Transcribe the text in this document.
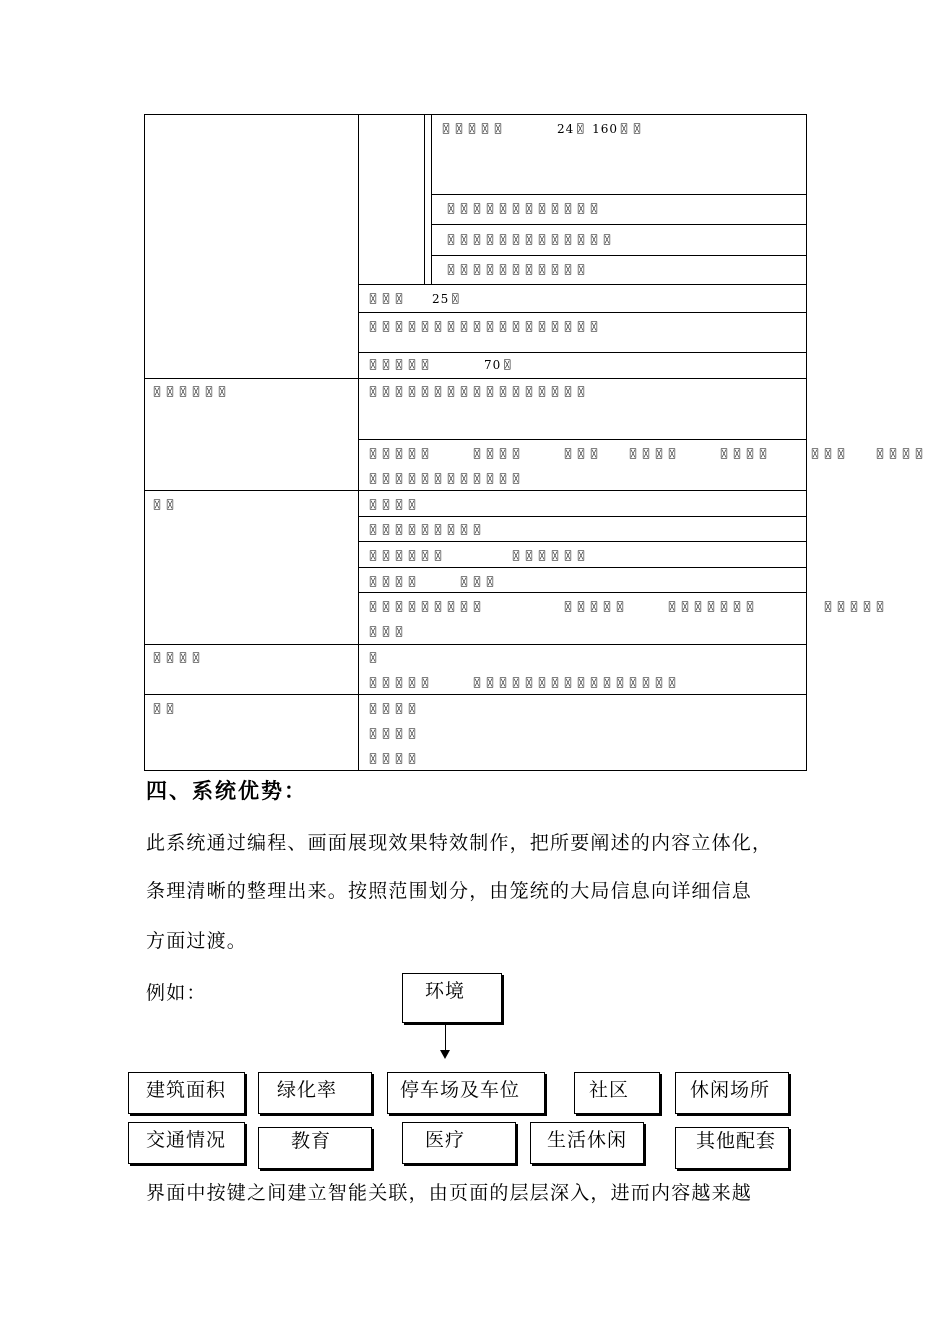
〿〿〿〿〿　　　　24〿 160〿〿
〿〿〿〿〿〿〿〿〿〿〿〿
〿〿〿〿〿〿〿〿〿〿〿〿〿
〿〿〿〿〿〿〿〿〿〿〿
〿〿〿　　25〿
〿〿〿〿〿〿〿〿〿〿〿〿〿〿〿〿〿〿
〿〿〿〿〿　　　　70〿
〿〿〿〿〿〿	〿〿〿〿〿〿〿〿〿〿〿〿〿〿〿〿〿
〿〿〿〿〿　　　〿〿〿〿　　　〿〿〿　　〿〿〿〿　　　〿〿〿〿　　　〿〿〿　　〿〿〿〿
〿〿〿〿〿〿〿〿〿〿〿〿
〿〿	〿〿〿〿
〿〿〿〿〿〿〿〿〿
〿〿〿〿〿〿　　　　　〿〿〿〿〿〿
〿〿〿〿　　　〿〿〿
〿〿〿〿〿〿〿〿〿　　　　　　〿〿〿〿〿　　　〿〿〿〿〿〿〿　　　　　〿〿〿〿〿
〿〿〿
〿〿〿〿	〿
〿〿〿〿〿　　　〿〿〿〿〿〿〿〿〿〿〿〿〿〿〿〿
〿〿	〿〿〿〿
〿〿〿〿
〿〿〿〿
四、系统优势：
此系统通过编程、画面展现效果特效制作，把所要阐述的内容立体化，
条理清晰的整理出来。按照范围划分，由笼统的大局信息向详细信息
方面过渡。
例如：	环境
建筑面积	绿化率	停车场及车位	社区	休闲场所
交通情况	教育	医疗	生活休闲	其他配套
界面中按键之间建立智能关联，由页面的层层深入，进而内容越来越
